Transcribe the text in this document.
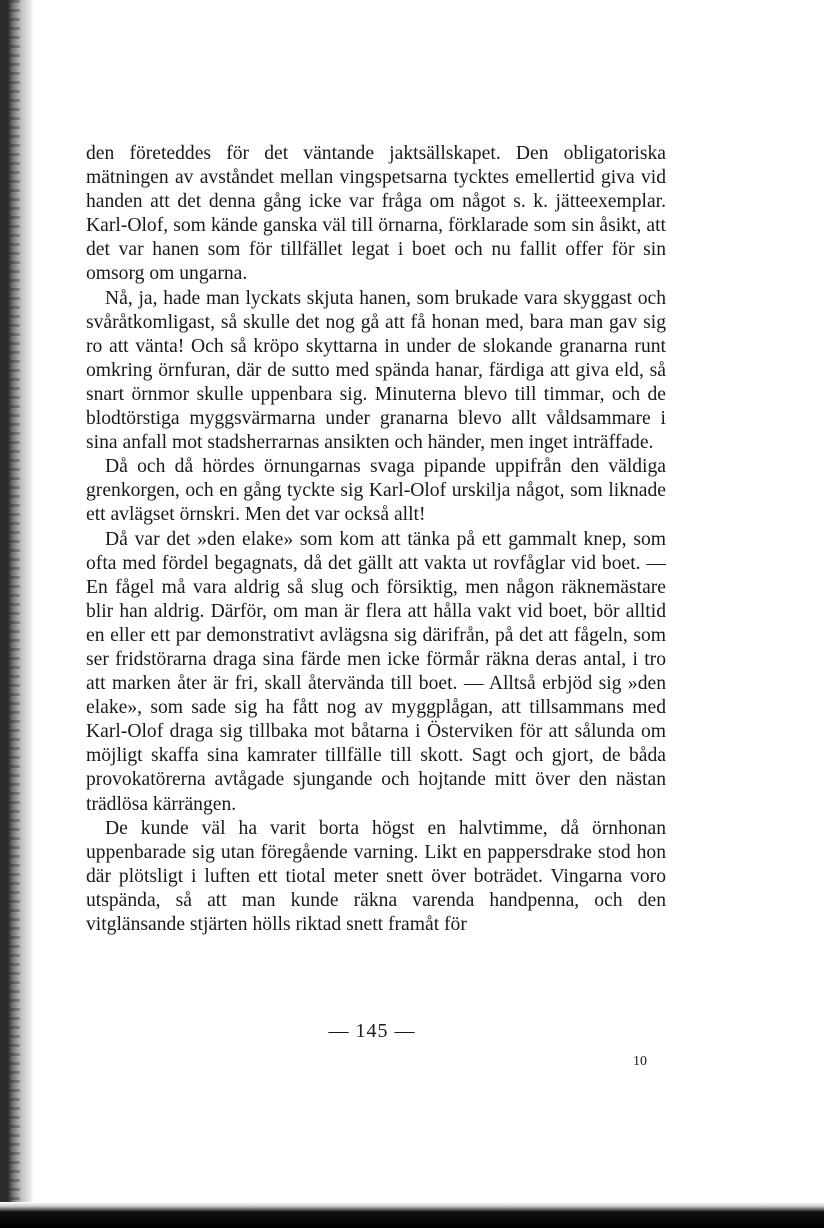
den företeddes för det väntande jaktsällskapet. Den obligatoriska mätningen av avståndet mellan vingspetsarna tycktes emellertid giva vid handen att det denna gång icke var fråga om något s. k. jätteexemplar. Karl-Olof, som kände ganska väl till örnarna, förklarade som sin åsikt, att det var hanen som för tillfället legat i boet och nu fallit offer för sin omsorg om ungarna.

Nå, ja, hade man lyckats skjuta hanen, som brukade vara skyggast och svåråtkomligast, så skulle det nog gå att få honan med, bara man gav sig ro att vänta! Och så kröpo skyttarna in under de slokande granarna runt omkring örnfuran, där de sutto med spända hanar, färdiga att giva eld, så snart örnmor skulle uppenbara sig. Minuterna blevo till timmar, och de blodtörstiga myggsvärmarna under granarna blevo allt våldsammare i sina anfall mot stadsherrarnas ansikten och händer, men inget inträffade.

Då och då hördes örnungarnas svaga pipande uppifrån den väldiga grenkorgen, och en gång tyckte sig Karl-Olof urskilja något, som liknade ett avlägset örnskri. Men det var också allt!

Då var det »den elake» som kom att tänka på ett gammalt knep, som ofta med fördel begagnats, då det gällt att vakta ut rovfåglar vid boet. — En fågel må vara aldrig så slug och försiktig, men någon räknemästare blir han aldrig. Därför, om man är flera att hålla vakt vid boet, bör alltid en eller ett par demonstrativt avlägsna sig därifrån, på det att fågeln, som ser fridstörarna draga sina färde men icke förmår räkna deras antal, i tro att marken åter är fri, skall återvända till boet. — Alltså erbjöd sig »den elake», som sade sig ha fått nog av myggplågan, att tillsammans med Karl-Olof draga sig tillbaka mot båtarna i Österviken för att sålunda om möjligt skaffa sina kamrater tillfälle till skott. Sagt och gjort, de båda provokatörerna avtågade sjungande och hojtande mitt över den nästan trädlösa kärrängen.

De kunde väl ha varit borta högst en halvtimme, då örnhonan uppenbarade sig utan föregående varning. Likt en pappersdrake stod hon där plötsligt i luften ett tiotal meter snett över boträdet. Vingarna voro utspända, så att man kunde räkna varenda handpenna, och den vitglänsande stjärten hölls riktad snett framåt för

— 145 —
10
